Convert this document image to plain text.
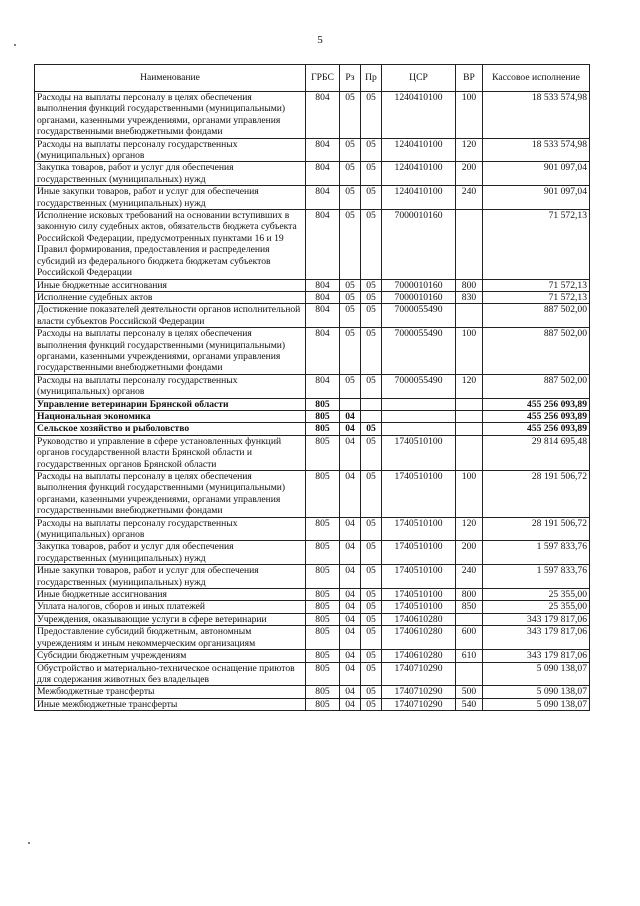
5
Наименование	ГРБС	Рз	Пр	ЦСР	ВР	Кассовое исполнение
Расходы на выплаты персоналу в целях обеспечения выполнения функций государственными (муниципальными) органами, казенными учреждениями, органами управления государственными внебюджетными фондами	804	05	05	1240410100	100	18 533 574,98
Расходы на выплаты персоналу государственных (муниципальных) органов	804	05	05	1240410100	120	18 533 574,98
Закупка товаров, работ и услуг для обеспечения государственных (муниципальных) нужд	804	05	05	1240410100	200	901 097,04
Иные закупки товаров, работ и услуг для обеспечения государственных (муниципальных) нужд	804	05	05	1240410100	240	901 097,04
Исполнение исковых требований на основании вступивших в законную силу судебных актов, обязательств бюджета субъекта Российской Федерации, предусмотренных пунктами 16 и 19 Правил формирования, предоставления и распределения субсидий из федерального бюджета бюджетам субъектов Российской Федерации	804	05	05	7000010160		71 572,13
Иные бюджетные ассигнования	804	05	05	7000010160	800	71 572,13
Исполнение судебных актов	804	05	05	7000010160	830	71 572,13
Достижение показателей деятельности органов исполнительной власти субъектов Российской Федерации	804	05	05	7000055490		887 502,00
Расходы на выплаты персоналу в целях обеспечения выполнения функций государственными (муниципальными) органами, казенными учреждениями, органами управления государственными внебюджетными фондами	804	05	05	7000055490	100	887 502,00
Расходы на выплаты персоналу государственных (муниципальных) органов	804	05	05	7000055490	120	887 502,00
Управление ветеринарии Брянской области	805					455 256 093,89
Национальная экономика	805	04				455 256 093,89
Сельское хозяйство и рыболовство	805	04	05			455 256 093,89
Руководство и управление в сфере установленных функций органов государственной власти Брянской области и государственных органов Брянской области	805	04	05	1740510100		29 814 695,48
Расходы на выплаты персоналу в целях обеспечения выполнения функций государственными (муниципальными) органами, казенными учреждениями, органами управления государственными внебюджетными фондами	805	04	05	1740510100	100	28 191 506,72
Расходы на выплаты персоналу государственных (муниципальных) органов	805	04	05	1740510100	120	28 191 506,72
Закупка товаров, работ и услуг для обеспечения государственных (муниципальных) нужд	805	04	05	1740510100	200	1 597 833,76
Иные закупки товаров, работ и услуг для обеспечения государственных (муниципальных) нужд	805	04	05	1740510100	240	1 597 833,76
Иные бюджетные ассигнования	805	04	05	1740510100	800	25 355,00
Уплата налогов, сборов и иных платежей	805	04	05	1740510100	850	25 355,00
Учреждения, оказывающие услуги в сфере ветеринарии	805	04	05	1740610280		343 179 817,06
Предоставление субсидий бюджетным, автономным учреждениям и иным некоммерческим организациям	805	04	05	1740610280	600	343 179 817,06
Субсидии бюджетным учреждениям	805	04	05	1740610280	610	343 179 817,06
Обустройство и материально-техническое оснащение приютов для содержания животных без владельцев	805	04	05	1740710290		5 090 138,07
Межбюджетные трансферты	805	04	05	1740710290	500	5 090 138,07
Иные межбюджетные трансферты	805	04	05	1740710290	540	5 090 138,07
